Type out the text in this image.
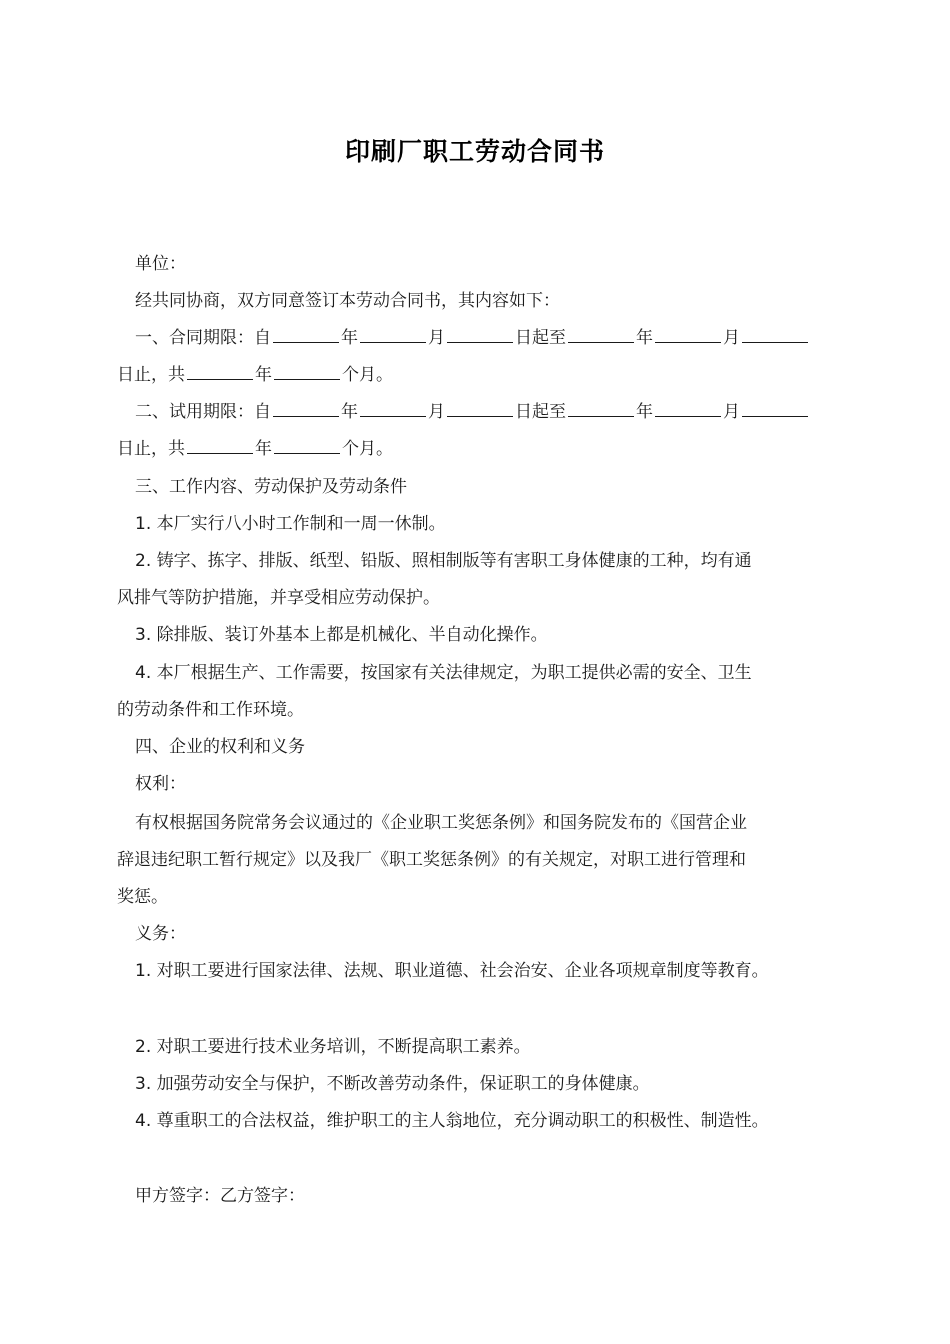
印刷厂职工劳动合同书
单位：
经共同协商，双方同意签订本劳动合同书，其内容如下：
一、合同期限：自	年	月	日起至	年	月
日止，共	年	个月。
二、试用期限：自	年	月	日起至	年	月
日止，共	年	个月。
三、工作内容、劳动保护及劳动条件
1. 本厂实行八小时工作制和一周一休制。
2. 铸字、拣字、排版、纸型、铅版、照相制版等有害职工身体健康的工种，均有通
风排气等防护措施，并享受相应劳动保护。
3. 除排版、装订外基本上都是机械化、半自动化操作。
4. 本厂根据生产、工作需要，按国家有关法律规定，为职工提供必需的安全、卫生
的劳动条件和工作环境。
四、企业的权利和义务
权利：
有权根据国务院常务会议通过的《企业职工奖惩条例》和国务院发布的《国营企业
辞退违纪职工暂行规定》以及我厂《职工奖惩条例》的有关规定，对职工进行管理和
奖惩。
义务：
1. 对职工要进行国家法律、法规、职业道德、社会治安、企业各项规章制度等教育。
2. 对职工要进行技术业务培训，不断提高职工素养。
3. 加强劳动安全与保护，不断改善劳动条件，保证职工的身体健康。
4. 尊重职工的合法权益，维护职工的主人翁地位，充分调动职工的积极性、制造性。
甲方签字：乙方签字：
